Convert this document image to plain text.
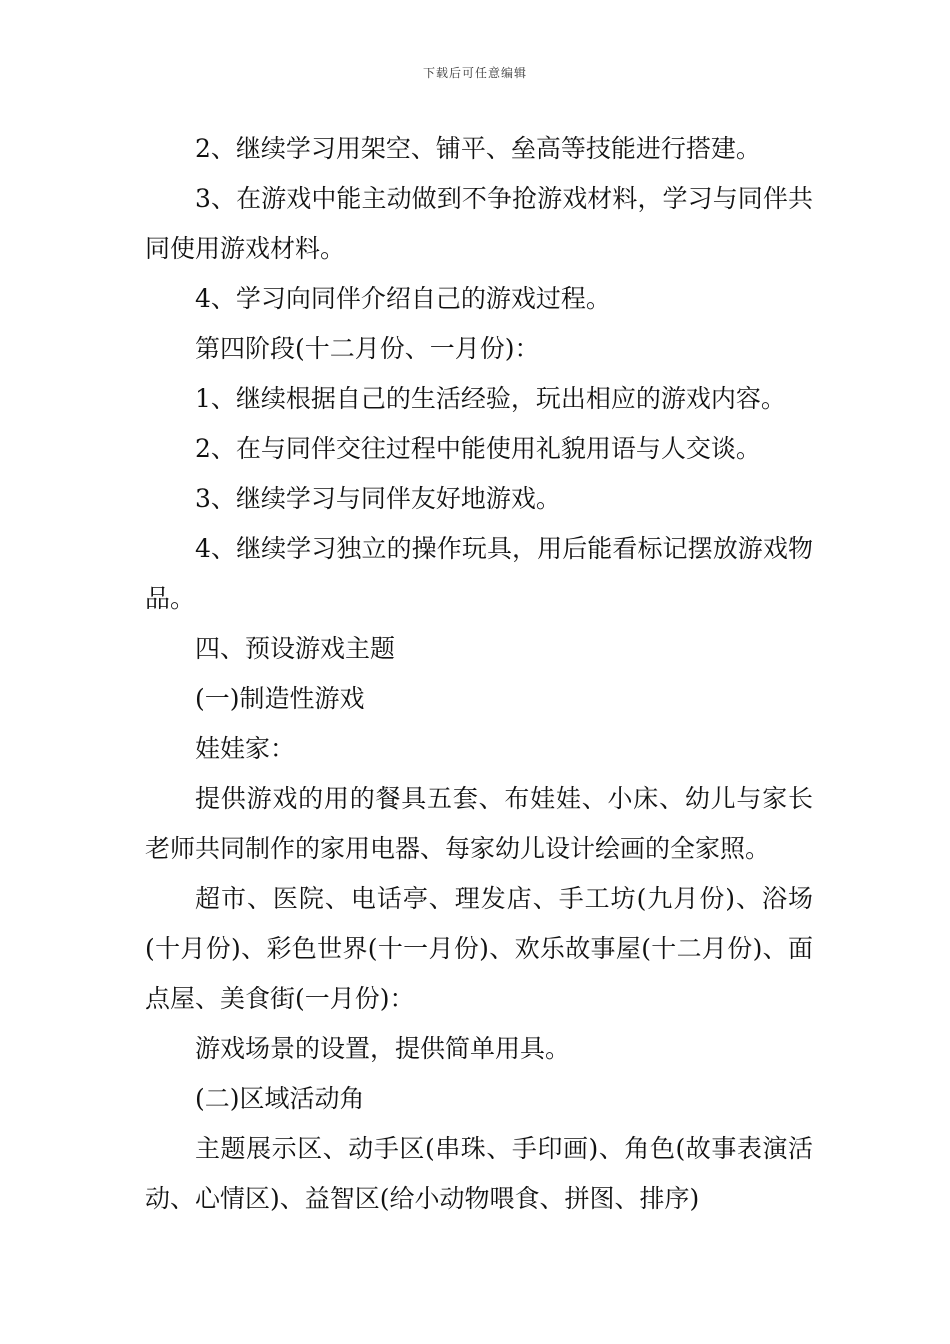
下载后可任意编辑

2、继续学习用架空、铺平、垒高等技能进行搭建。

3、在游戏中能主动做到不争抢游戏材料，学习与同伴共同使用游戏材料。

4、学习向同伴介绍自己的游戏过程。

第四阶段(十二月份、一月份)：

1、继续根据自己的生活经验，玩出相应的游戏内容。

2、在与同伴交往过程中能使用礼貌用语与人交谈。

3、继续学习与同伴友好地游戏。

4、继续学习独立的操作玩具，用后能看标记摆放游戏物品。

四、预设游戏主题

(一)制造性游戏

娃娃家：

提供游戏的用的餐具五套、布娃娃、小床、幼儿与家长老师共同制作的家用电器、每家幼儿设计绘画的全家照。

超市、医院、电话亭、理发店、手工坊(九月份)、浴场(十月份)、彩色世界(十一月份)、欢乐故事屋(十二月份)、面点屋、美食街(一月份)：

游戏场景的设置，提供简单用具。

(二)区域活动角

主题展示区、动手区(串珠、手印画)、角色(故事表演活动、心情区)、益智区(给小动物喂食、拼图、排序)
